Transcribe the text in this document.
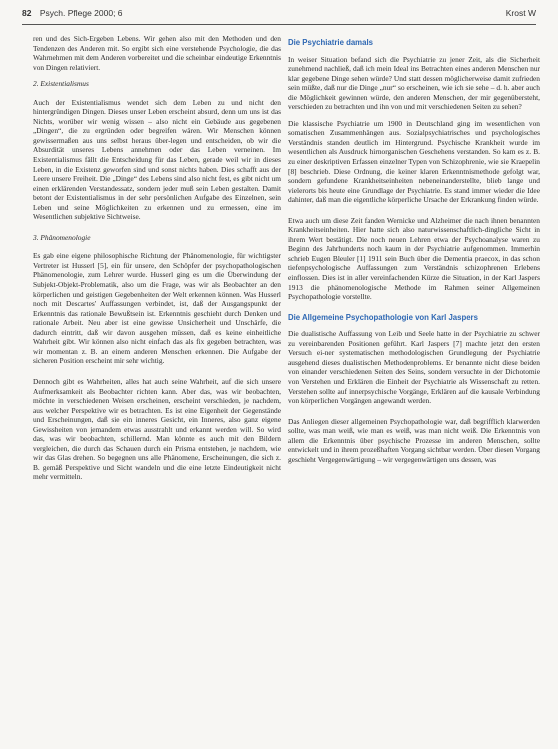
82 Psych. Pflege 2000; 6	Krost W

ren und des Sich-Ergeben Lebens. Wir gehen also mit den Methoden und den Tendenzen des Anderen mit. So ergibt sich eine verstehende Psychologie, die das Wahrnehmen mit dem Anderen vorbereitet und die scheinbar eindeutige Erkenntnis von Dingen relativiert.

2. Existentialismus

Auch der Existentialismus wendet sich dem Leben zu und nicht den hintergründigen Dingen. Dieses unser Leben erscheint absurd, denn um uns ist das Nichts, worüber wir wenig wissen – also nicht ein Gebäude aus gegebenen „Dingen“, die zu ergründen oder begreifen wären. Wir Menschen können gewissermaßen aus uns selbst heraus über-legen und entscheiden, ob wir die Absurdität unseres Lebens annehmen oder das Leben verneinen. Im Existentialismus fällt die Entscheidung für das Leben, gerade weil wir in dieses Leben, in die Existenz geworfen sind und sonst nichts haben. Dies schafft aus der Leere unsere Freiheit. Die „Dinge“ des Lebens sind also nicht fest, es gibt nicht um einen erklärenden Verstandessatz, sondern jeder muß sein Leben gestalten. Damit betont der Existentialismus in der sehr persönlichen Aufgabe des Einzelnen, sein Leben und seine Möglichkeiten zu erkennen und zu ermessen, eine im Wesentlichen subjektive Sichtweise.

3. Phänomenologie

Es gab eine eigene philosophische Richtung der Phänomenologie, für wichtigster Vertreter ist Husserl [5], ein für unsere, den Schöpfer der psychopathologischen Phänomenologie, zum Lehrer wurde. Husserl ging es um die Überwindung der Subjekt-Objekt-Problematik, also um die Frage, was wir als Beobachter an den körperlichen und geistigen Gegebenheiten der Welt erkennen können. Was Husserl noch mit Descartes' Auffassungen verbindet, ist, daß der Ausgangspunkt der Erkenntnis das rationale Bewußtsein ist. Erkenntnis geschieht durch Denken und rationale Arbeit. Neu aber ist eine gewisse Unsicherheit und Unschärfe, die dadurch eintritt, daß wir davon ausgehen müssen, daß es keine einheitliche Wahrheit gibt. Wir können also nicht einfach das als fix gegeben betrachten, was wir momentan z. B. an einem anderen Menschen erkennen. Die Aufgabe der sicheren Position erscheint mir sehr wichtig.

Dennoch gibt es Wahrheiten, alles hat auch seine Wahrheit, auf die sich unsere Aufmerksamkeit als Beobachter richten kann. Aber das, was wir beobachten, möchte in verschiedenen Weisen erscheinen, erscheint verschieden, je nachdem, aus welcher Perspektive wir es betrachten. Es ist eine Eigenheit der Gegenstände und Erscheinungen, daß sie ein inneres Gesicht, ein Inneres, also ganz eigene Gewissheiten von jemandem etwas ausstrahlt und erkannt werden will. So wird das, was wir beobachten, schillernd. Man könnte es auch mit den Bildern vergleichen, die durch das Schauen durch ein Prisma entstehen, je nachdem, wie wir das Glas drehen. So begegnen uns alle Phänomene, Erscheinungen, die sich z. B. gemäß Perspektive und Sicht wandeln und die eine letzte Eindeutigkeit nicht mehr vermitteln.

Die Psychiatrie damals

In weiser Situation befand sich die Psychiatrie zu jener Zeit, als die Sicherheit zunehmend nachließ, daß ich mein Ideal ins Betrachten eines anderen Menschen nur klar gegebene Dinge sehen würde? Und statt dessen möglicherweise damit zufrieden sein müßte, daß nur die Dinge „nur“ so erscheinen, wie ich sie sehe – d. h. aber auch die Möglichkeit gewinnen würde, den anderen Menschen, der mir gegenübersteht, verschieden zu betrachten und ihn von und mit verschiedenen Seiten zu sehen?

Die klassische Psychiatrie um 1900 in Deutschland ging im wesentlichen von somatischen Zusammenhängen aus. Sozialpsychiatrisches und psychologisches Verständnis standen deutlich im Hintergrund. Psychische Krankheit wurde im wesentlichen als Ausdruck hirnorganischen Geschehens verstanden. So kam es z. B. zu einer deskriptiven Erfassen einzelner Typen von Schizophrenie, wie sie Kraepelin [8] beschrieb. Diese Ordnung, die keiner klaren Erkenntnismethode gefolgt war, sondern gefundene Krankheitseinheiten nebeneinanderstellte, blieb lange und vielerorts bis heute eine Grundlage der Psychiatrie. Es stand immer wieder die Idee dahinter, daß man die eigentliche körperliche Ursache der Erkrankung finden würde.

Etwa auch um diese Zeit fanden Wernicke und Alzheimer die nach ihnen benannten Krankheitseinheiten. Hier hatte sich also naturwissenschaftlich-dingliche Sicht in ihrem Wert bestätigt. Die noch neuen Lehren etwa der Psychoanalyse waren zu Beginn des Jahrhunderts noch kaum in der Psychiatrie aufgenommen. Immerhin schrieb Eugen Bleuler [1] 1911 sein Buch über die Dementia praecox, in das schon tiefenpsychologische Auffassungen zum Verständnis schizophrenen Erlebens einflossen. Dies ist in aller vereinfachenden Kürze die Situation, in der Karl Jaspers 1913 die phänomenologische Methode im Rahmen seiner Allgemeinen Psychopathologie vorstellte.

Die Allgemeine Psychopathologie von Karl Jaspers

Die dualistische Auffassung von Leib und Seele hatte in der Psychiatrie zu schwer zu vereinbarenden Positionen geführt. Karl Jaspers [7] machte jetzt den ersten Versuch ei-ner systematischen methodologischen Grundlegung der Psychiatrie ausgehend dieses dualistischen Methodenproblems. Er benannte nicht diese beiden von einander verschiedenen Seiten des Seins, sondern versuchte in der Dichotomie von Verstehen und Erklären die Einheit der Psychiatrie als Wissenschaft zu retten. Verstehen sollte auf innerpsychische Vorgänge, Erklären auf die kausale Verbindung von körperlichen Vorgängen angewandt werden.

Das Anliegen dieser allgemeinen Psychopathologie war, daß begrifflich klarwerden sollte, was man weiß, wie man es weiß, was man nicht weiß. Die Erkenntnis von allem die Erkenntnis über psychische Prozesse im anderen Menschen, sollte entwickelt und in ihrem prozeßhaften Vorgang sichtbar werden. Über diesen Vorgang geschieht Vergegenwärtigung – wir vergegenwärtigen uns dessen, was
